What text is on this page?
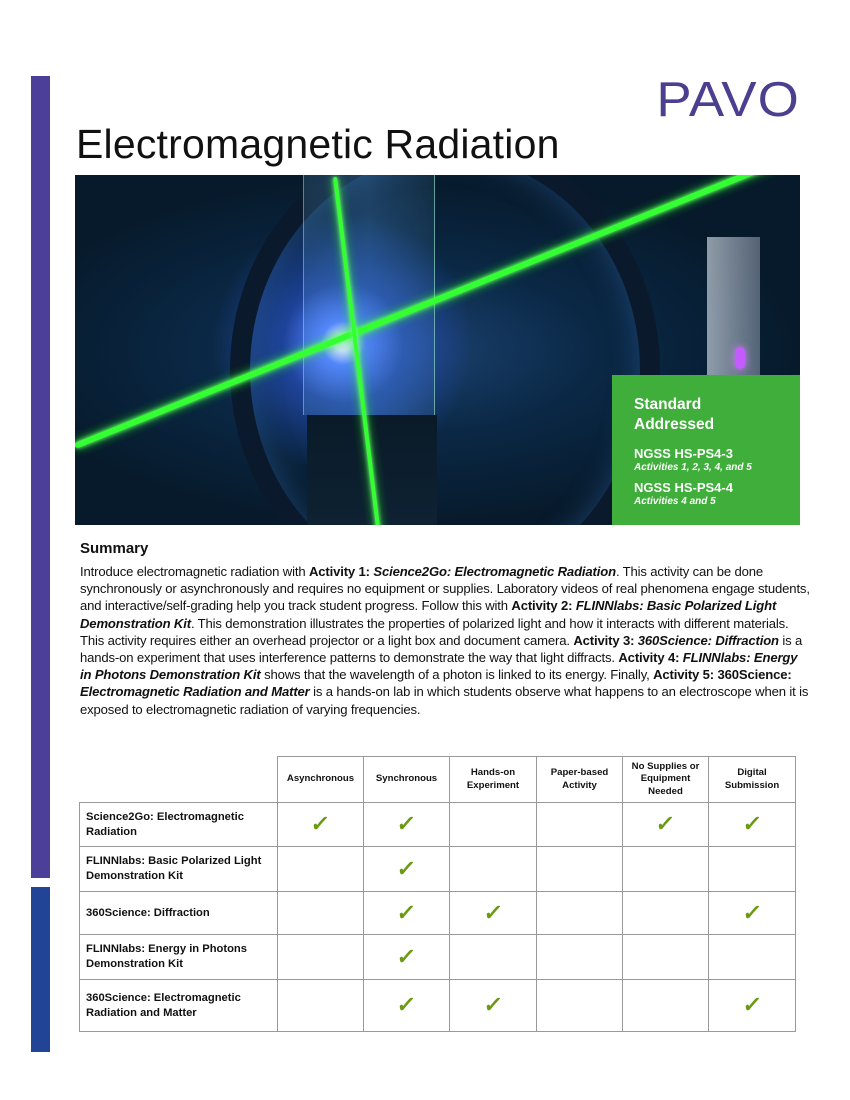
PAVO
Electromagnetic Radiation
Standard
Addressed
NGSS HS-PS4-3
Activities 1, 2, 3, 4, and 5
NGSS HS-PS4-4
Activities 4 and 5
Summary
Introduce electromagnetic radiation with Activity 1: Science2Go: Electromagnetic Radiation. This activity can be done synchronously or asynchronously and requires no equipment or supplies. Laboratory videos of real phenomena engage students, and interactive/self-grading help you track student progress. Follow this with Activity 2: FLINNlabs: Basic Polarized Light Demonstration Kit. This demonstration illustrates the properties of polarized light and how it interacts with different materials. This activity requires either an overhead projector or a light box and document camera. Activity 3: 360Science: Diffraction is a hands-on experiment that uses interference patterns to demonstrate the way that light diffracts. Activity 4: FLINNlabs: Energy in Photons Demonstration Kit shows that the wavelength of a photon is linked to its energy. Finally, Activity 5: 360Science: Electromagnetic Radiation and Matter is a hands-on lab in which students observe what happens to an electroscope when it is exposed to electromagnetic radiation of varying frequencies.
	Asynchronous	Synchronous	Hands-on Experiment	Paper-based Activity	No Supplies or Equipment Needed	Digital Submission
Science2Go: Electromagnetic Radiation	✓	✓			✓	✓
FLINNlabs: Basic Polarized Light Demonstration Kit		✓				
360Science: Diffraction		✓	✓			✓
FLINNlabs: Energy in Photons Demonstration Kit		✓				
360Science: Electromagnetic Radiation and Matter		✓	✓			✓
